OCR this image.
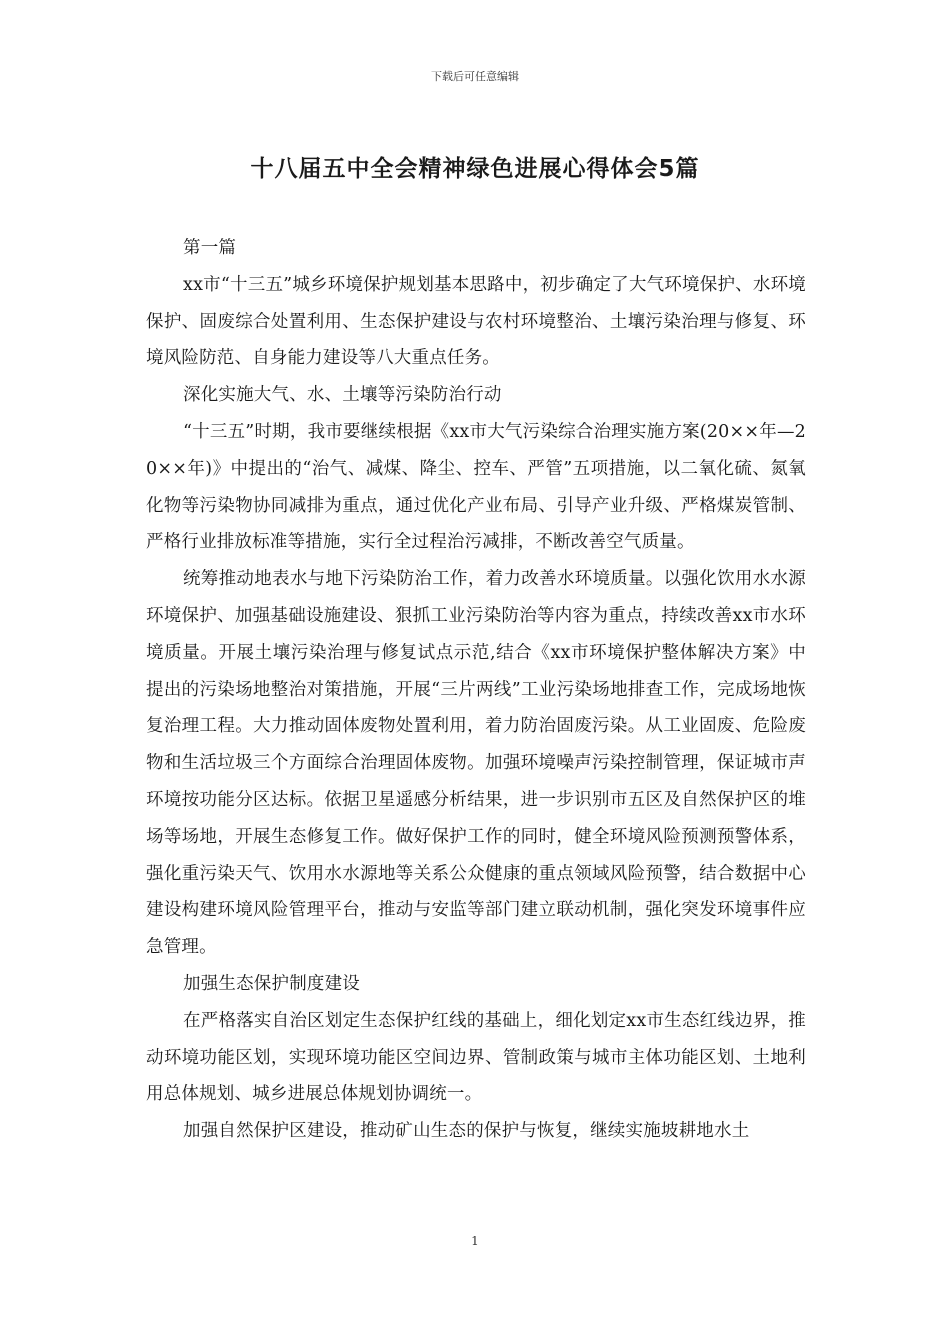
下载后可任意编辑
十八届五中全会精神绿色进展心得体会5篇

第一篇

xx市“十三五”城乡环境保护规划基本思路中，初步确定了大气环境保护、水环境保护、固废综合处置利用、生态保护建设与农村环境整治、土壤污染治理与修复、环境风险防范、自身能力建设等八大重点任务。

深化实施大气、水、土壤等污染防治行动

“十三五”时期，我市要继续根据《xx市大气污染综合治理实施方案(20××年—20××年)》中提出的“治气、减煤、降尘、控车、严管”五项措施，以二氧化硫、氮氧化物等污染物协同减排为重点，通过优化产业布局、引导产业升级、严格煤炭管制、严格行业排放标准等措施，实行全过程治污减排，不断改善空气质量。

统筹推动地表水与地下污染防治工作，着力改善水环境质量。以强化饮用水水源环境保护、加强基础设施建设、狠抓工业污染防治等内容为重点，持续改善xx市水环境质量。开展土壤污染治理与修复试点示范,结合《xx市环境保护整体解决方案》中提出的污染场地整治对策措施，开展“三片两线”工业污染场地排查工作，完成场地恢复治理工程。大力推动固体废物处置利用，着力防治固废污染。从工业固废、危险废物和生活垃圾三个方面综合治理固体废物。加强环境噪声污染控制管理，保证城市声环境按功能分区达标。依据卫星遥感分析结果，进一步识别市五区及自然保护区的堆场等场地，开展生态修复工作。做好保护工作的同时，健全环境风险预测预警体系，强化重污染天气、饮用水水源地等关系公众健康的重点领域风险预警，结合数据中心建设构建环境风险管理平台，推动与安监等部门建立联动机制，强化突发环境事件应急管理。

加强生态保护制度建设

在严格落实自治区划定生态保护红线的基础上，细化划定xx市生态红线边界，推动环境功能区划，实现环境功能区空间边界、管制政策与城市主体功能区划、土地利用总体规划、城乡进展总体规划协调统一。

加强自然保护区建设，推动矿山生态的保护与恢复，继续实施坡耕地水土

1
